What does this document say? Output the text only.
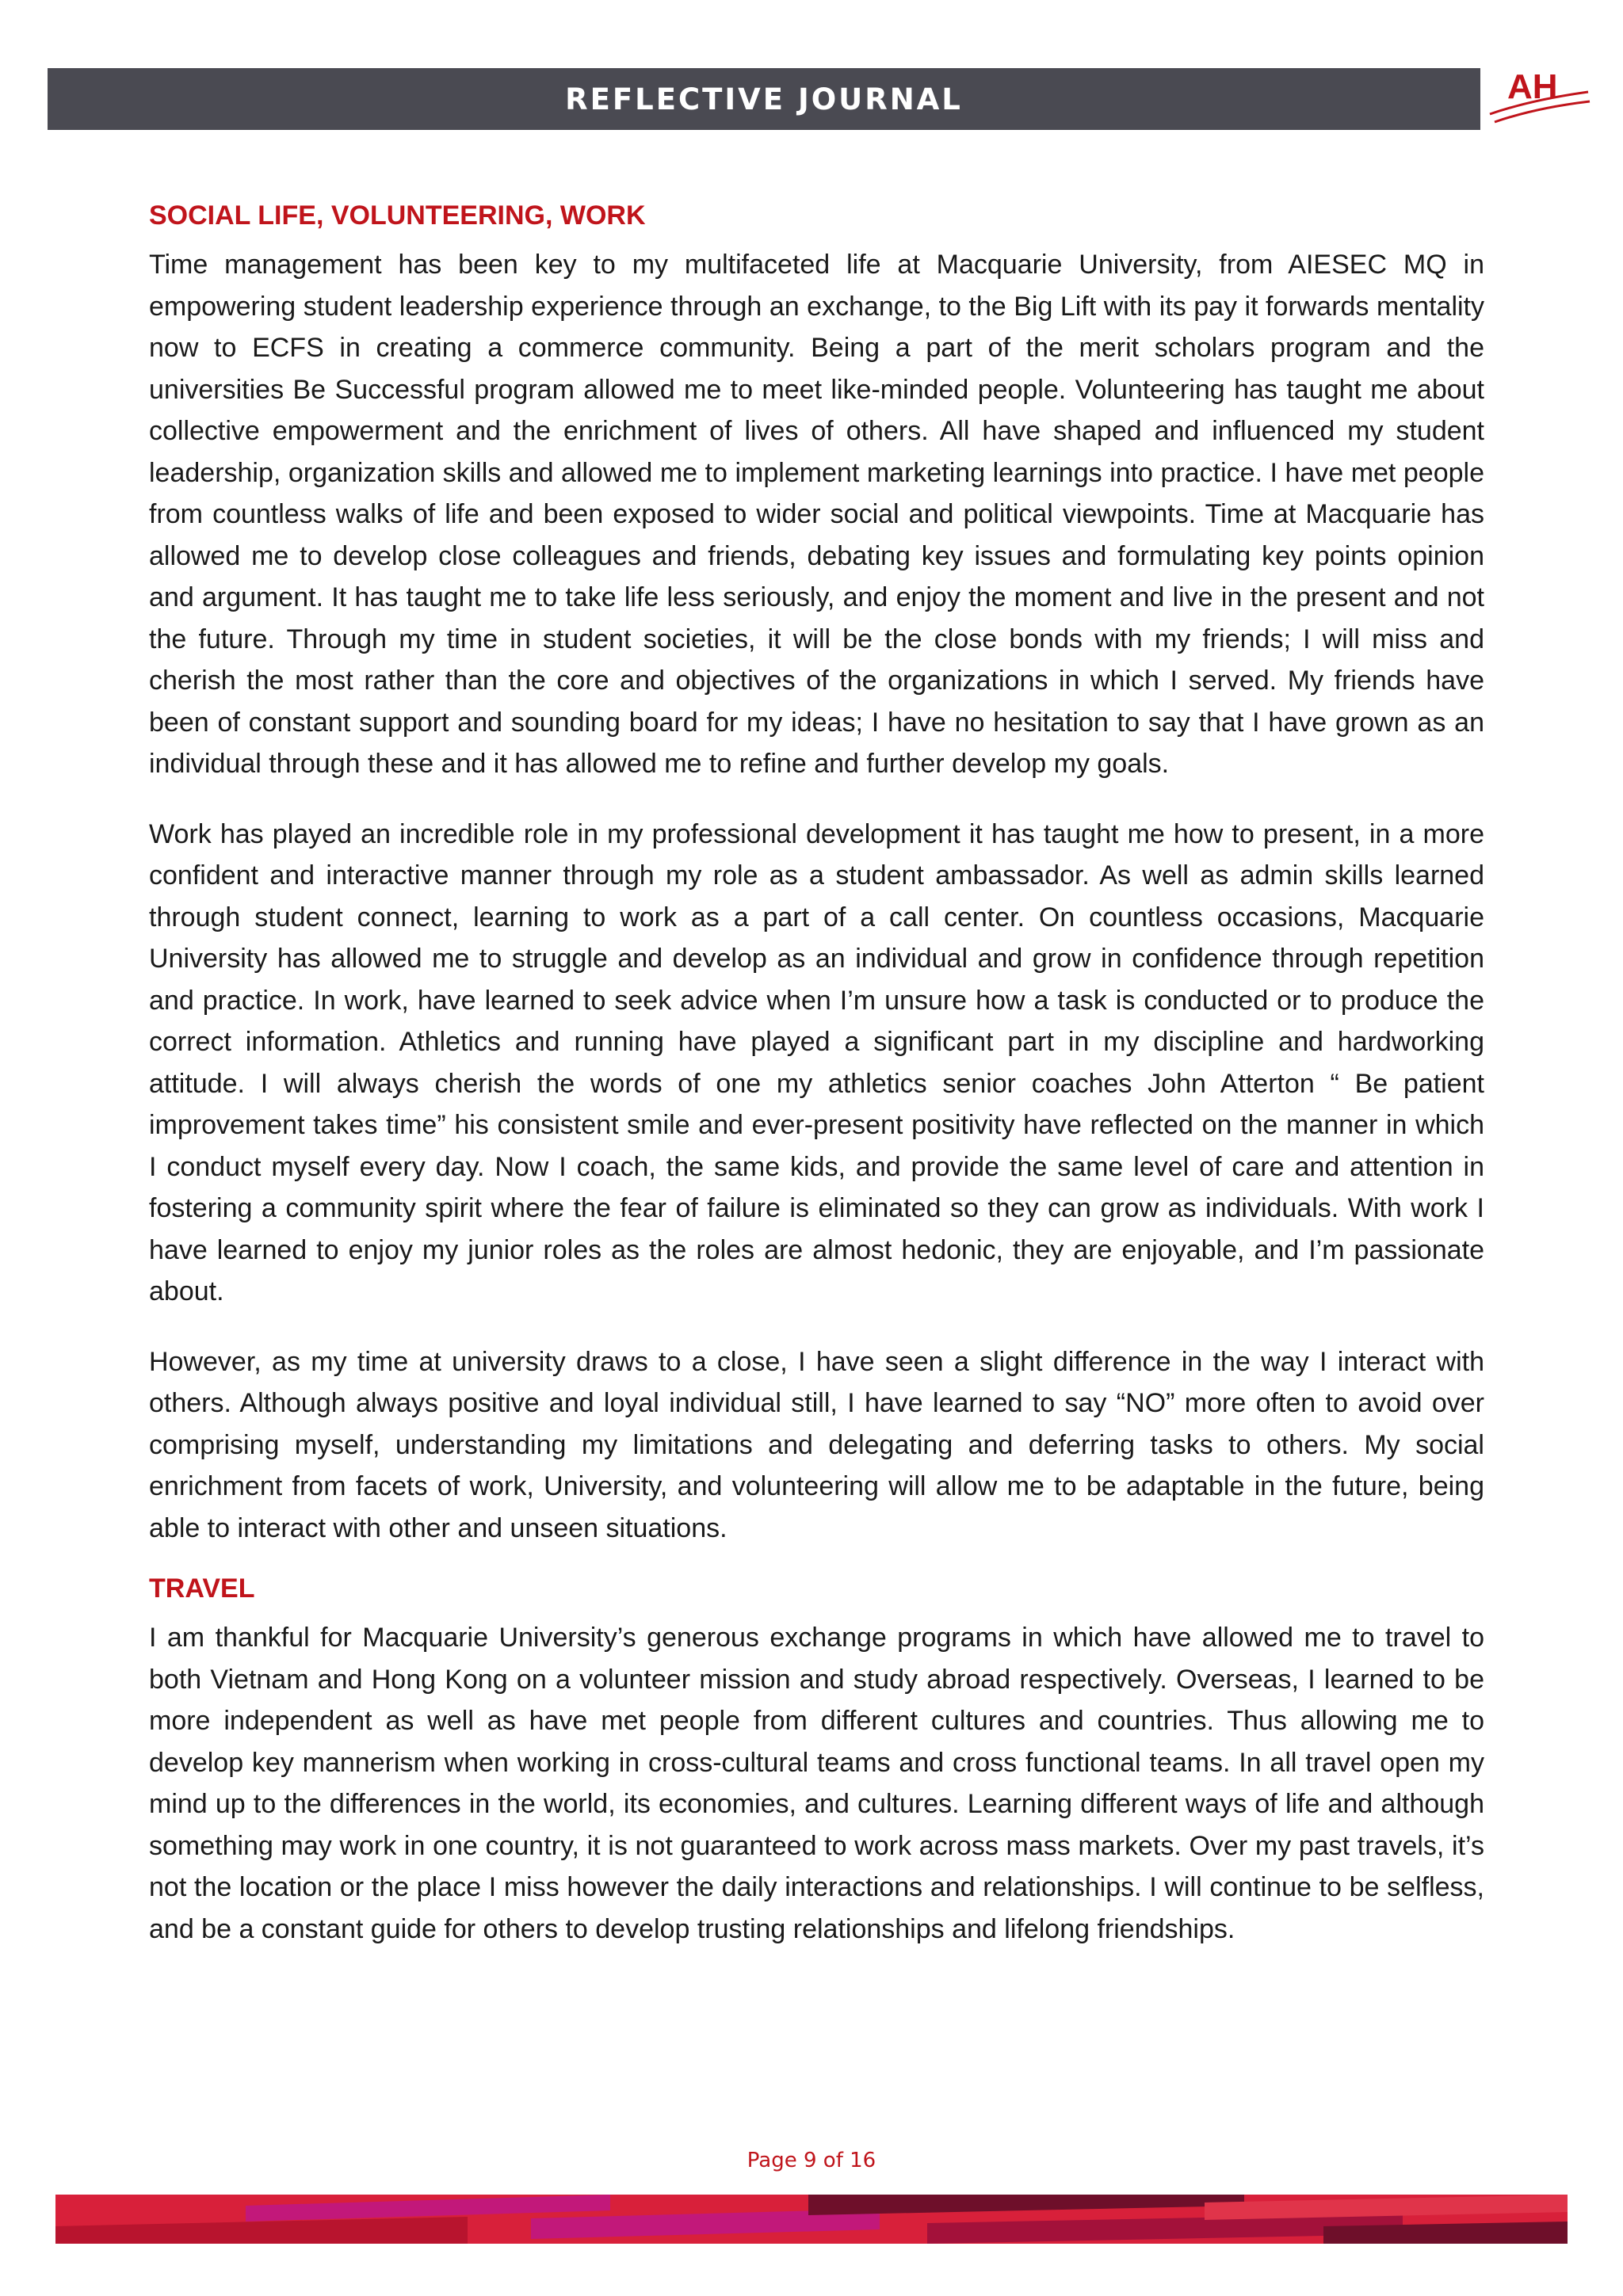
REFLECTIVE JOURNAL	AH
SOCIAL LIFE, VOLUNTEERING, WORK

Time management has been key to my multifaceted life at Macquarie University, from AIESEC MQ in empowering student leadership experience through an exchange, to the Big Lift with its pay it forwards mentality now to ECFS in creating a commerce community. Being a part of the merit scholars program and the universities Be Successful program allowed me to meet like-minded people. Volunteering has taught me about collective empowerment and the enrichment of lives of others. All have shaped and influenced my student leadership, organization skills and allowed me to implement marketing learnings into practice. I have met people from countless walks of life and been exposed to wider social and political viewpoints. Time at Macquarie has allowed me to develop close colleagues and friends, debating key issues and formulating key points opinion and argument. It has taught me to take life less seriously, and enjoy the moment and live in the present and not the future. Through my time in student societies, it will be the close bonds with my friends; I will miss and cherish the most rather than the core and objectives of the organizations in which I served. My friends have been of constant support and sounding board for my ideas; I have no hesitation to say that I have grown as an individual through these and it has allowed me to refine and further develop my goals.

Work has played an incredible role in my professional development it has taught me how to present, in a more confident and interactive manner through my role as a student ambassador. As well as admin skills learned through student connect, learning to work as a part of a call center. On countless occasions, Macquarie University has allowed me to struggle and develop as an individual and grow in confidence through repetition and practice. In work, have learned to seek advice when I’m unsure how a task is conducted or to produce the correct information. Athletics and running have played a significant part in my discipline and hardworking attitude. I will always cherish the words of one my athletics senior coaches John Atterton “ Be patient improvement takes time” his consistent smile and ever-present positivity have reflected on the manner in which I conduct myself every day. Now I coach, the same kids, and provide the same level of care and attention in fostering a community spirit where the fear of failure is eliminated so they can grow as individuals. With work I have learned to enjoy my junior roles as the roles are almost hedonic, they are enjoyable, and I’m passionate about.

However, as my time at university draws to a close, I have seen a slight difference in the way I interact with others. Although always positive and loyal individual still, I have learned to say “NO” more often to avoid over comprising myself, understanding my limitations and delegating and deferring tasks to others. My social enrichment from facets of work, University, and volunteering will allow me to be adaptable in the future, being able to interact with other and unseen situations.

TRAVEL

I am thankful for Macquarie University’s generous exchange programs in which have allowed me to travel to both Vietnam and Hong Kong on a volunteer mission and study abroad respectively. Overseas, I learned to be more independent as well as have met people from different cultures and countries. Thus allowing me to develop key mannerism when working in cross-cultural teams and cross functional teams. In all travel open my mind up to the differences in the world, its economies, and cultures. Learning different ways of life and although something may work in one country, it is not guaranteed to work across mass markets. Over my past travels, it’s not the location or the place I miss however the daily interactions and relationships. I will continue to be selfless, and be a constant guide for others to develop trusting relationships and lifelong friendships.

Page 9 of 16
